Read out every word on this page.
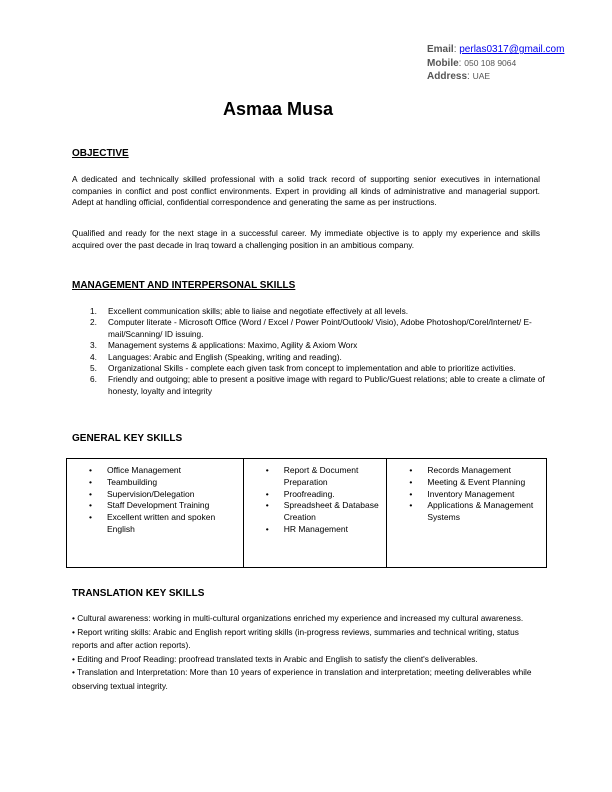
Email: perlas0317@gmail.com
Mobile: 050 108 9064
Address: UAE
Asmaa Musa
OBJECTIVE
A dedicated and technically skilled professional with a solid track record of supporting senior executives in international companies in conflict and post conflict environments. Expert in providing all kinds of administrative and managerial support. Adept at handling official, confidential correspondence and generating the same as per instructions.
Qualified and ready for the next stage in a successful career. My immediate objective is to apply my experience and skills acquired over the past decade in Iraq toward a challenging position in an ambitious company.
MANAGEMENT AND INTERPERSONAL SKILLS
1. Excellent communication skills; able to liaise and negotiate effectively at all levels.
2. Computer literate - Microsoft Office (Word / Excel / Power Point/Outlook/ Visio), Adobe Photoshop/Corel/Internet/ E-mail/Scanning/ ID issuing.
3. Management systems & applications: Maximo, Agility & Axiom Worx
4. Languages: Arabic and English (Speaking, writing and reading).
5. Organizational Skills - complete each given task from concept to implementation and able to prioritize activities.
6. Friendly and outgoing; able to present a positive image with regard to Public/Guest relations; able to create a climate of honesty, loyalty and integrity
GENERAL KEY SKILLS
• Office Management
• Teambuilding
• Supervision/Delegation
• Staff Development Training
• Excellent written and spoken English

• Report & Document Preparation
• Proofreading.
• Spreadsheet & Database Creation
• HR Management

• Records Management
• Meeting & Event Planning
• Inventory Management
• Applications & Management Systems
TRANSLATION KEY SKILLS
• Cultural awareness: working in multi-cultural organizations enriched my experience and increased my cultural awareness.
• Report writing skills: Arabic and English report writing skills (in-progress reviews, summaries and technical writing, status reports and after action reports).
• Editing and Proof Reading: proofread translated texts in Arabic and English to satisfy the client's deliverables.
• Translation and Interpretation: More than 10 years of experience in translation and interpretation; meeting deliverables while observing textual integrity.
